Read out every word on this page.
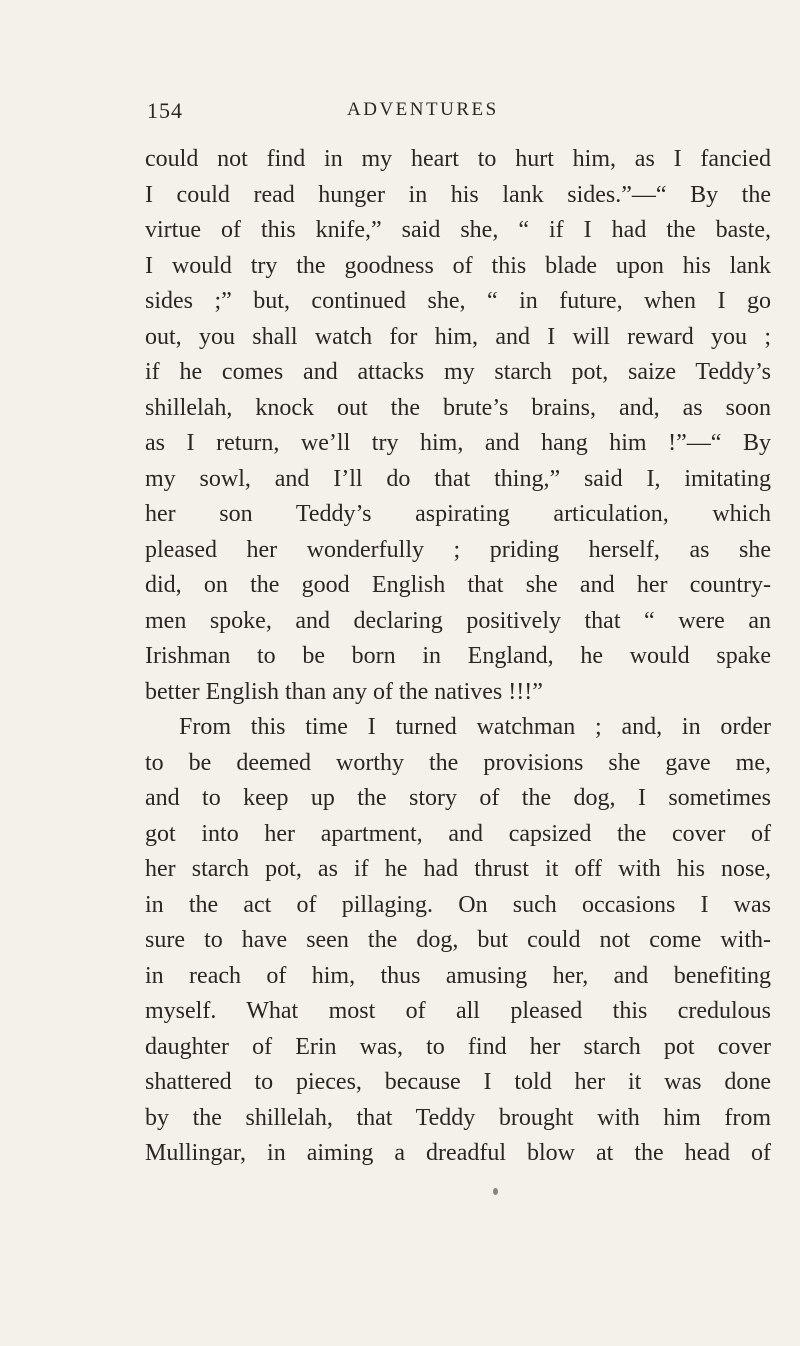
154	ADVENTURES
could not find in my heart to hurt him, as I fancied
I could read hunger in his lank sides.”—“ By the
virtue of this knife,” said she, “ if I had the baste,
I would try the goodness of this blade upon his lank
sides ;” but, continued she, “ in future, when I go
out, you shall watch for him, and I will reward you ;
if he comes and attacks my starch pot, saize Teddy’s
shillelah, knock out the brute’s brains, and, as soon
as I return, we’ll try him, and hang him !”—“ By
my sowl, and I’ll do that thing,” said I, imitating
her son Teddy’s aspirating articulation, which
pleased her wonderfully ; priding herself, as she
did, on the good English that she and her country-
men spoke, and declaring positively that “ were an
Irishman to be born in England, he would spake
better English than any of the natives !!!”
From this time I turned watchman ; and, in order
to be deemed worthy the provisions she gave me,
and to keep up the story of the dog, I sometimes
got into her apartment, and capsized the cover of
her starch pot, as if he had thrust it off with his nose,
in the act of pillaging. On such occasions I was
sure to have seen the dog, but could not come with-
in reach of him, thus amusing her, and benefiting
myself. What most of all pleased this credulous
daughter of Erin was, to find her starch pot cover
shattered to pieces, because I told her it was done
by the shillelah, that Teddy brought with him from
Mullingar, in aiming a dreadful blow at the head of
